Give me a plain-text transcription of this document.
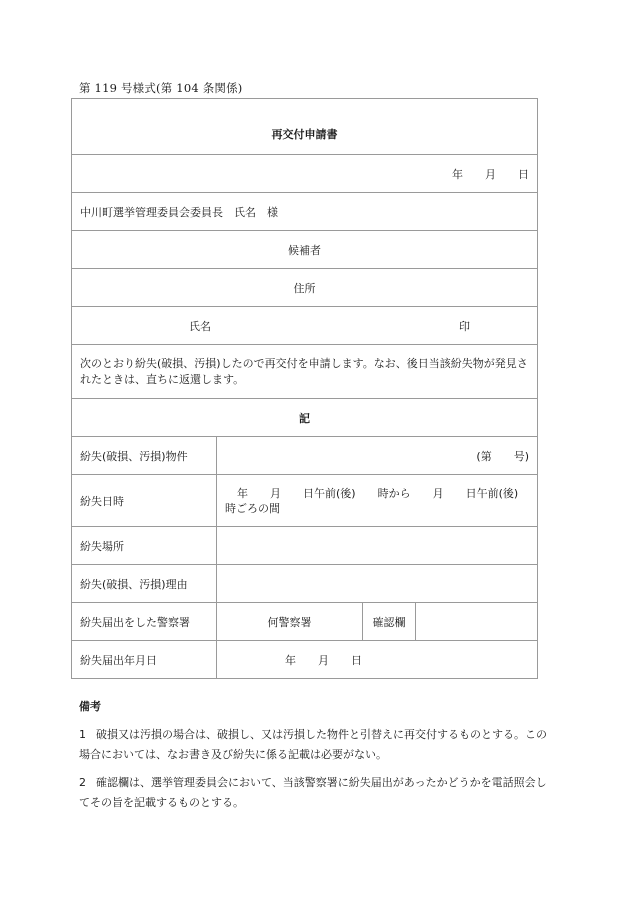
第 119 号様式(第 104 条関係)
再交付申請書			
年　　月　　日			
中川町選挙管理委員会委員長　氏名　様			
候補者			
住所			
氏名 印			
次のとおり紛失(破損、汚損)したので再交付を申請します。なお、後日当該紛失物が発見されたときは、直ちに返還します。			
記			
紛失(破損、汚損)物件	(第　　号)		
紛失日時	年　　月　　日午前(後)　　時から　　月　　日午前(後)
時ごろの間		

紛失場所			
紛失(破損、汚損)理由			
紛失届出をした警察署	何警察署	確認欄	
紛失届出年月日	年　　月　　日		
備考

1 破損又は汚損の場合は、破損し、又は汚損した物件と引替えに再交付するものとする。この場合においては、なお書き及び紛失に係る記載は必要がない。

2 確認欄は、選挙管理委員会において、当該警察署に紛失届出があったかどうかを電話照会してその旨を記載するものとする。
